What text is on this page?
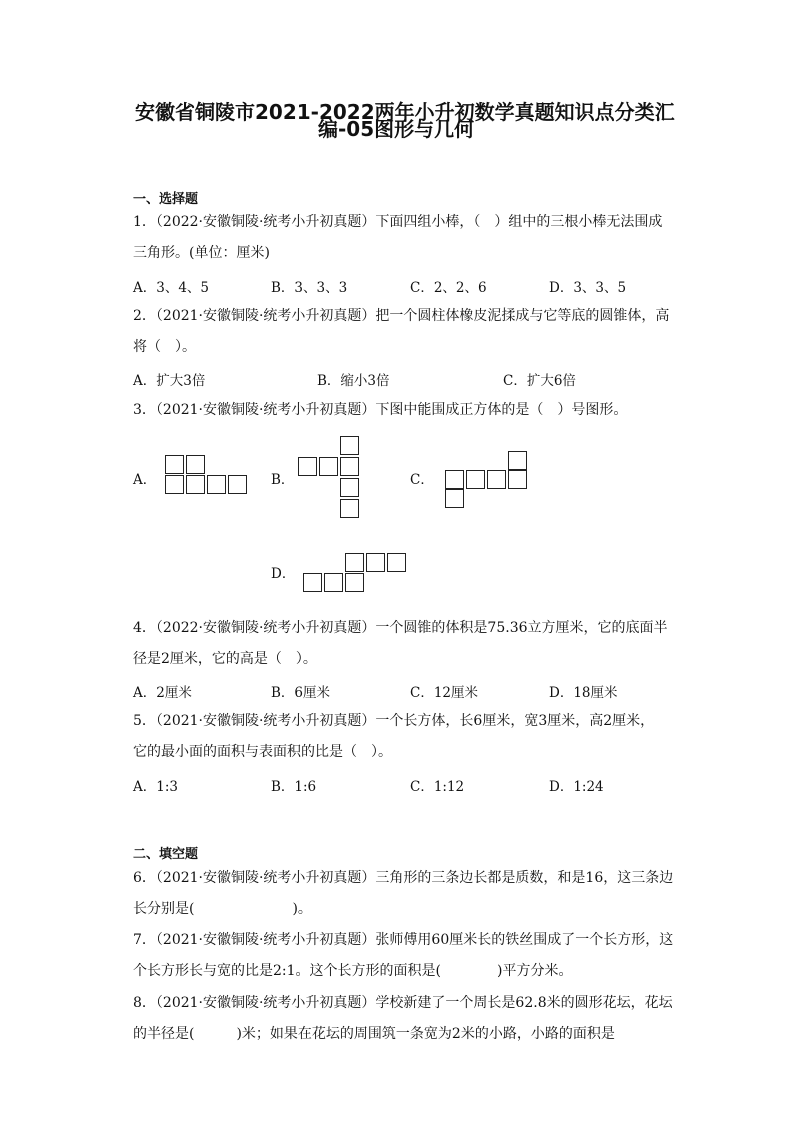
安徽省铜陵市2021-2022两年小升初数学真题知识点分类汇
编-05图形与几何
一、选择题
1．（2022·安徽铜陵·统考小升初真题）下面四组小棒，（　）组中的三根小棒无法围成
三角形。(单位：厘米)
A．3、4、5	B．3、3、3	C．2、2、6	D．3、3、5
2．（2021·安徽铜陵·统考小升初真题）把一个圆柱体橡皮泥揉成与它等底的圆锥体，高
将（　）。
A．扩大3倍	B．缩小3倍	C．扩大6倍
3．（2021·安徽铜陵·统考小升初真题）下图中能围成正方体的是（　）号图形。
A．	B．	C．
D．
4．（2022·安徽铜陵·统考小升初真题）一个圆锥的体积是75.36立方厘米，它的底面半
径是2厘米，它的高是（　）。
A．2厘米	B．6厘米	C．12厘米	D．18厘米
5．（2021·安徽铜陵·统考小升初真题）一个长方体，长6厘米，宽3厘米，高2厘米，
它的最小面的面积与表面积的比是（　）。
A．1:3	B．1:6	C．1:12	D．1:24
二、填空题
6．（2021·安徽铜陵·统考小升初真题）三角形的三条边长都是质数，和是16，这三条边
长分别是(　　　　　　　)。
7．（2021·安徽铜陵·统考小升初真题）张师傅用60厘米长的铁丝围成了一个长方形，这
个长方形长与宽的比是2:1。这个长方形的面积是(　　　　)平方分米。
8．（2021·安徽铜陵·统考小升初真题）学校新建了一个周长是62.8米的圆形花坛，花坛
的半径是(　　　)米；如果在花坛的周围筑一条宽为2米的小路，小路的面积是
